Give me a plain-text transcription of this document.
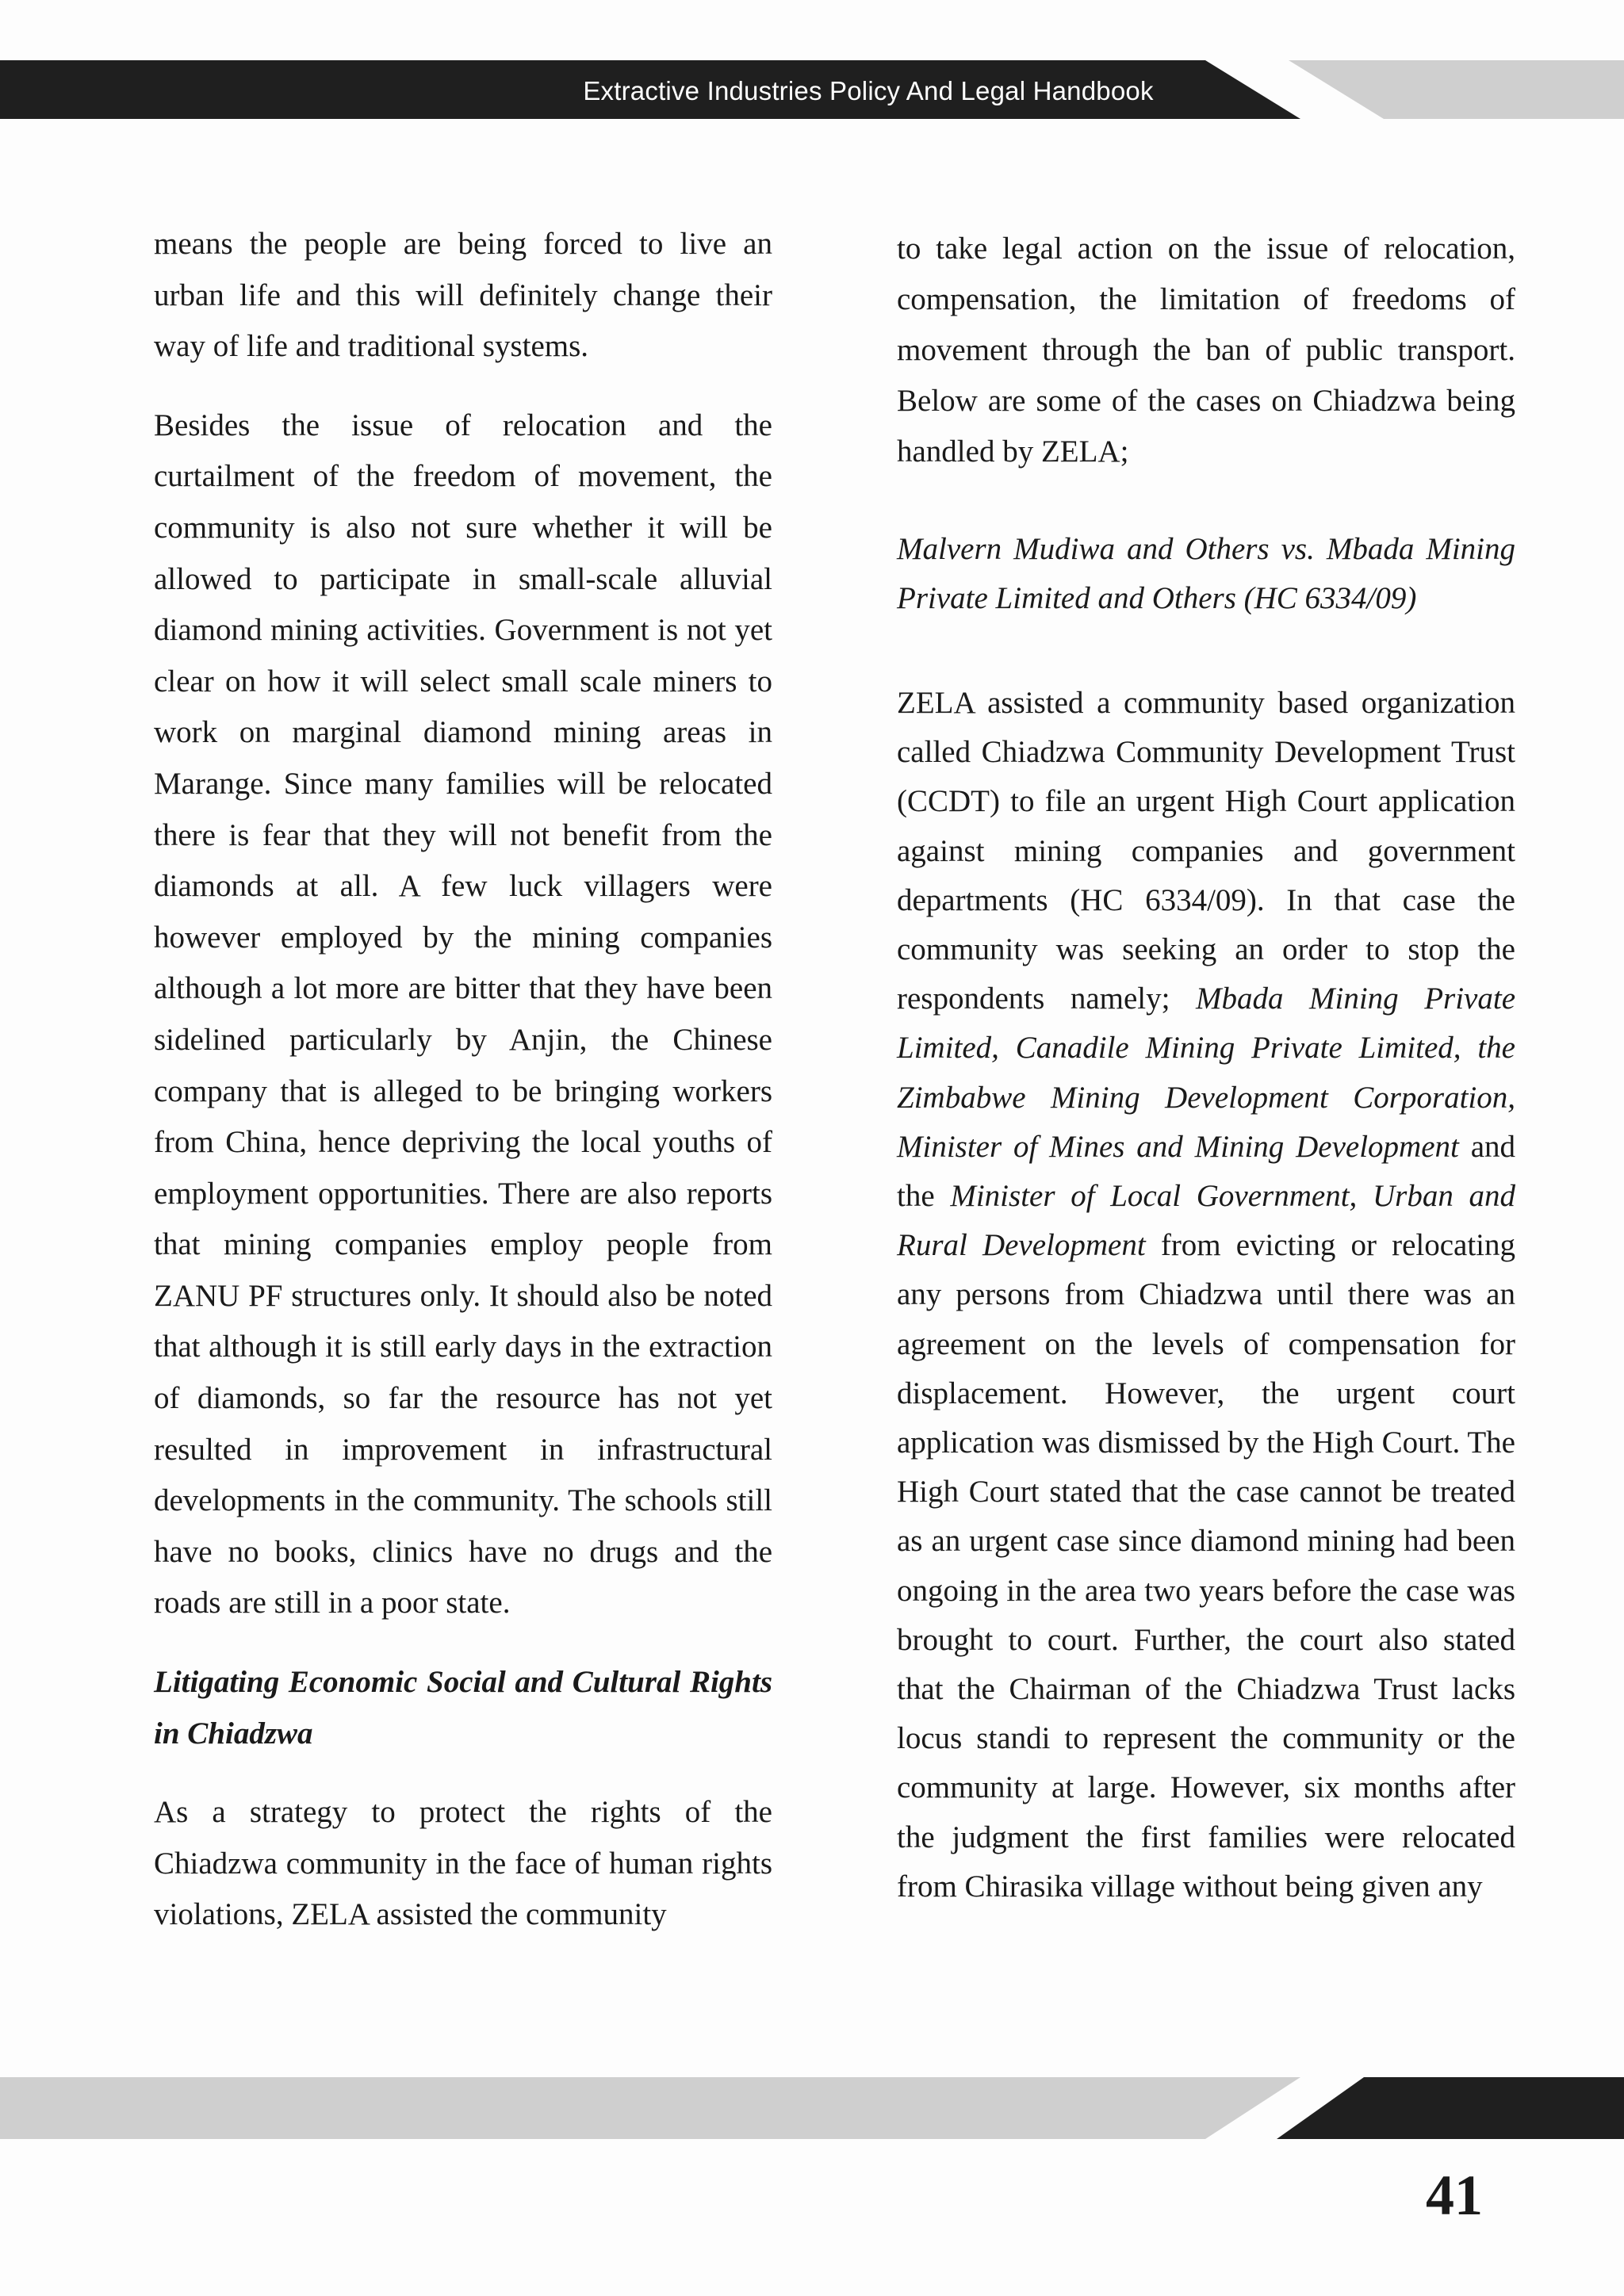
Extractive Industries Policy And Legal Handbook

means the people are being forced to live an urban life and this will definitely change their way of life and traditional systems.

Besides the issue of relocation and the curtailment of the freedom of movement, the community is also not sure whether it will be allowed to participate in small-scale alluvial diamond mining activities. Government is not yet clear on how it will select small scale miners to work on marginal diamond mining areas in Marange. Since many families will be relocated there is fear that they will not benefit from the diamonds at all. A few luck villagers were however employed by the mining companies although a lot more are bitter that they have been sidelined particularly by Anjin, the Chinese company that is alleged to be bringing workers from China, hence depriving the local youths of employment opportunities. There are also reports that mining companies employ people from ZANU PF structures only. It should also be noted that although it is still early days in the extraction of diamonds, so far the resource has not yet resulted in improvement in infrastructural developments in the community. The schools still have no books, clinics have no drugs and the roads are still in a poor state.

Litigating Economic Social and Cultural Rights in Chiadzwa

As a strategy to protect the rights of the Chiadzwa community in the face of human rights violations, ZELA assisted the community

to take legal action on the issue of relocation, compensation, the limitation of freedoms of movement through the ban of public transport. Below are some of the cases on Chiadzwa being handled by ZELA;

Malvern Mudiwa and Others vs. Mbada Mining Private Limited and Others (HC 6334/09)

ZELA assisted a community based organization called Chiadzwa Community Development Trust (CCDT) to file an urgent High Court application against mining companies and government departments (HC 6334/09). In that case the community was seeking an order to stop the respondents namely; Mbada Mining Private Limited, Canadile Mining Private Limited, the Zimbabwe Mining Development Corporation, Minister of Mines and Mining Development and the Minister of Local Government, Urban and Rural Development from evicting or relocating any persons from Chiadzwa until there was an agreement on the levels of compensation for displacement. However, the urgent court application was dismissed by the High Court. The High Court stated that the case cannot be treated as an urgent case since diamond mining had been ongoing in the area two years before the case was brought to court. Further, the court also stated that the Chairman of the Chiadzwa Trust lacks locus standi to represent the community or the community at large. However, six months after the judgment the first families were relocated from Chirasika village without being given any

41
